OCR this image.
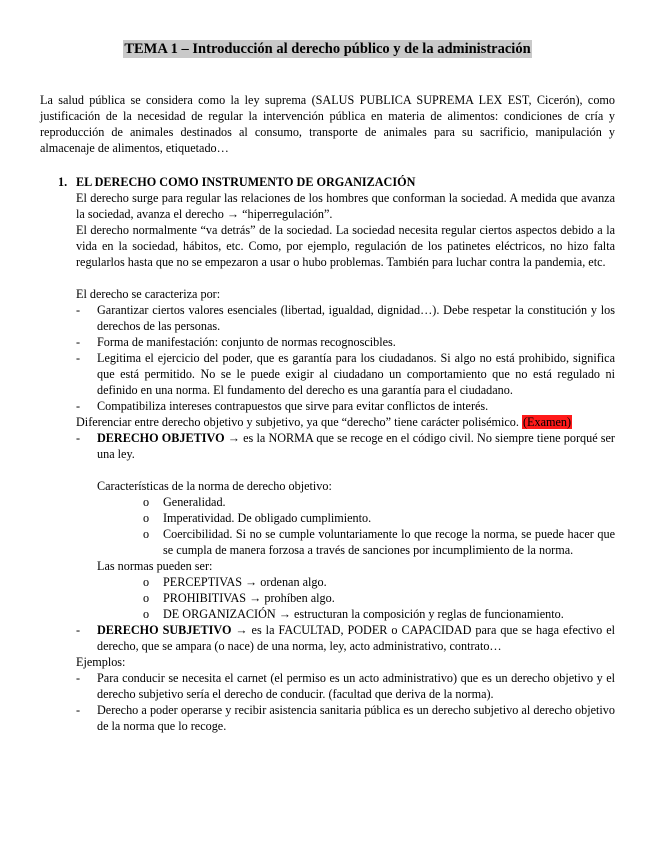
TEMA 1 – Introducción al derecho público y de la administración

La salud pública se considera como la ley suprema (SALUS PUBLICA SUPREMA LEX EST, Cicerón), como justificación de la necesidad de regular la intervención pública en materia de alimentos: condiciones de cría y reproducción de animales destinados al consumo, transporte de animales para su sacrificio, manipulación y almacenaje de alimentos, etiquetado…

1. EL DERECHO COMO INSTRUMENTO DE ORGANIZACIÓN

El derecho surge para regular las relaciones de los hombres que conforman la sociedad. A medida que avanza la sociedad, avanza el derecho → “hiperregulación”.

El derecho normalmente “va detrás” de la sociedad. La sociedad necesita regular ciertos aspectos debido a la vida en la sociedad, hábitos, etc. Como, por ejemplo, regulación de los patinetes eléctricos, no hizo falta regularlos hasta que no se empezaron a usar o hubo problemas. También para luchar contra la pandemia, etc.

El derecho se caracteriza por:

- Garantizar ciertos valores esenciales (libertad, igualdad, dignidad…). Debe respetar la constitución y los derechos de las personas.
- Forma de manifestación: conjunto de normas recognoscibles.
- Legitima el ejercicio del poder, que es garantía para los ciudadanos. Si algo no está prohibido, significa que está permitido. No se le puede exigir al ciudadano un comportamiento que no está regulado ni definido en una norma. El fundamento del derecho es una garantía para el ciudadano.
- Compatibiliza intereses contrapuestos que sirve para evitar conflictos de interés.

Diferenciar entre derecho objetivo y subjetivo, ya que “derecho” tiene carácter polisémico. (Examen)

- DERECHO OBJETIVO → es la NORMA que se recoge en el código civil. No siempre tiene porqué ser una ley.

Características de la norma de derecho objetivo:

o Generalidad.
o Imperatividad. De obligado cumplimiento.
o Coercibilidad. Si no se cumple voluntariamente lo que recoge la norma, se puede hacer que se cumpla de manera forzosa a través de sanciones por incumplimiento de la norma.

Las normas pueden ser:

o PERCEPTIVAS → ordenan algo.
o PROHIBITIVAS → prohíben algo.
o DE ORGANIZACIÓN → estructuran la composición y reglas de funcionamiento.
- DERECHO SUBJETIVO → es la FACULTAD, PODER o CAPACIDAD para que se haga efectivo el derecho, que se ampara (o nace) de una norma, ley, acto administrativo, contrato…

Ejemplos:

- Para conducir se necesita el carnet (el permiso es un acto administrativo) que es un derecho objetivo y el derecho subjetivo sería el derecho de conducir. (facultad que deriva de la norma).
- Derecho a poder operarse y recibir asistencia sanitaria pública es un derecho subjetivo al derecho objetivo de la norma que lo recoge.
